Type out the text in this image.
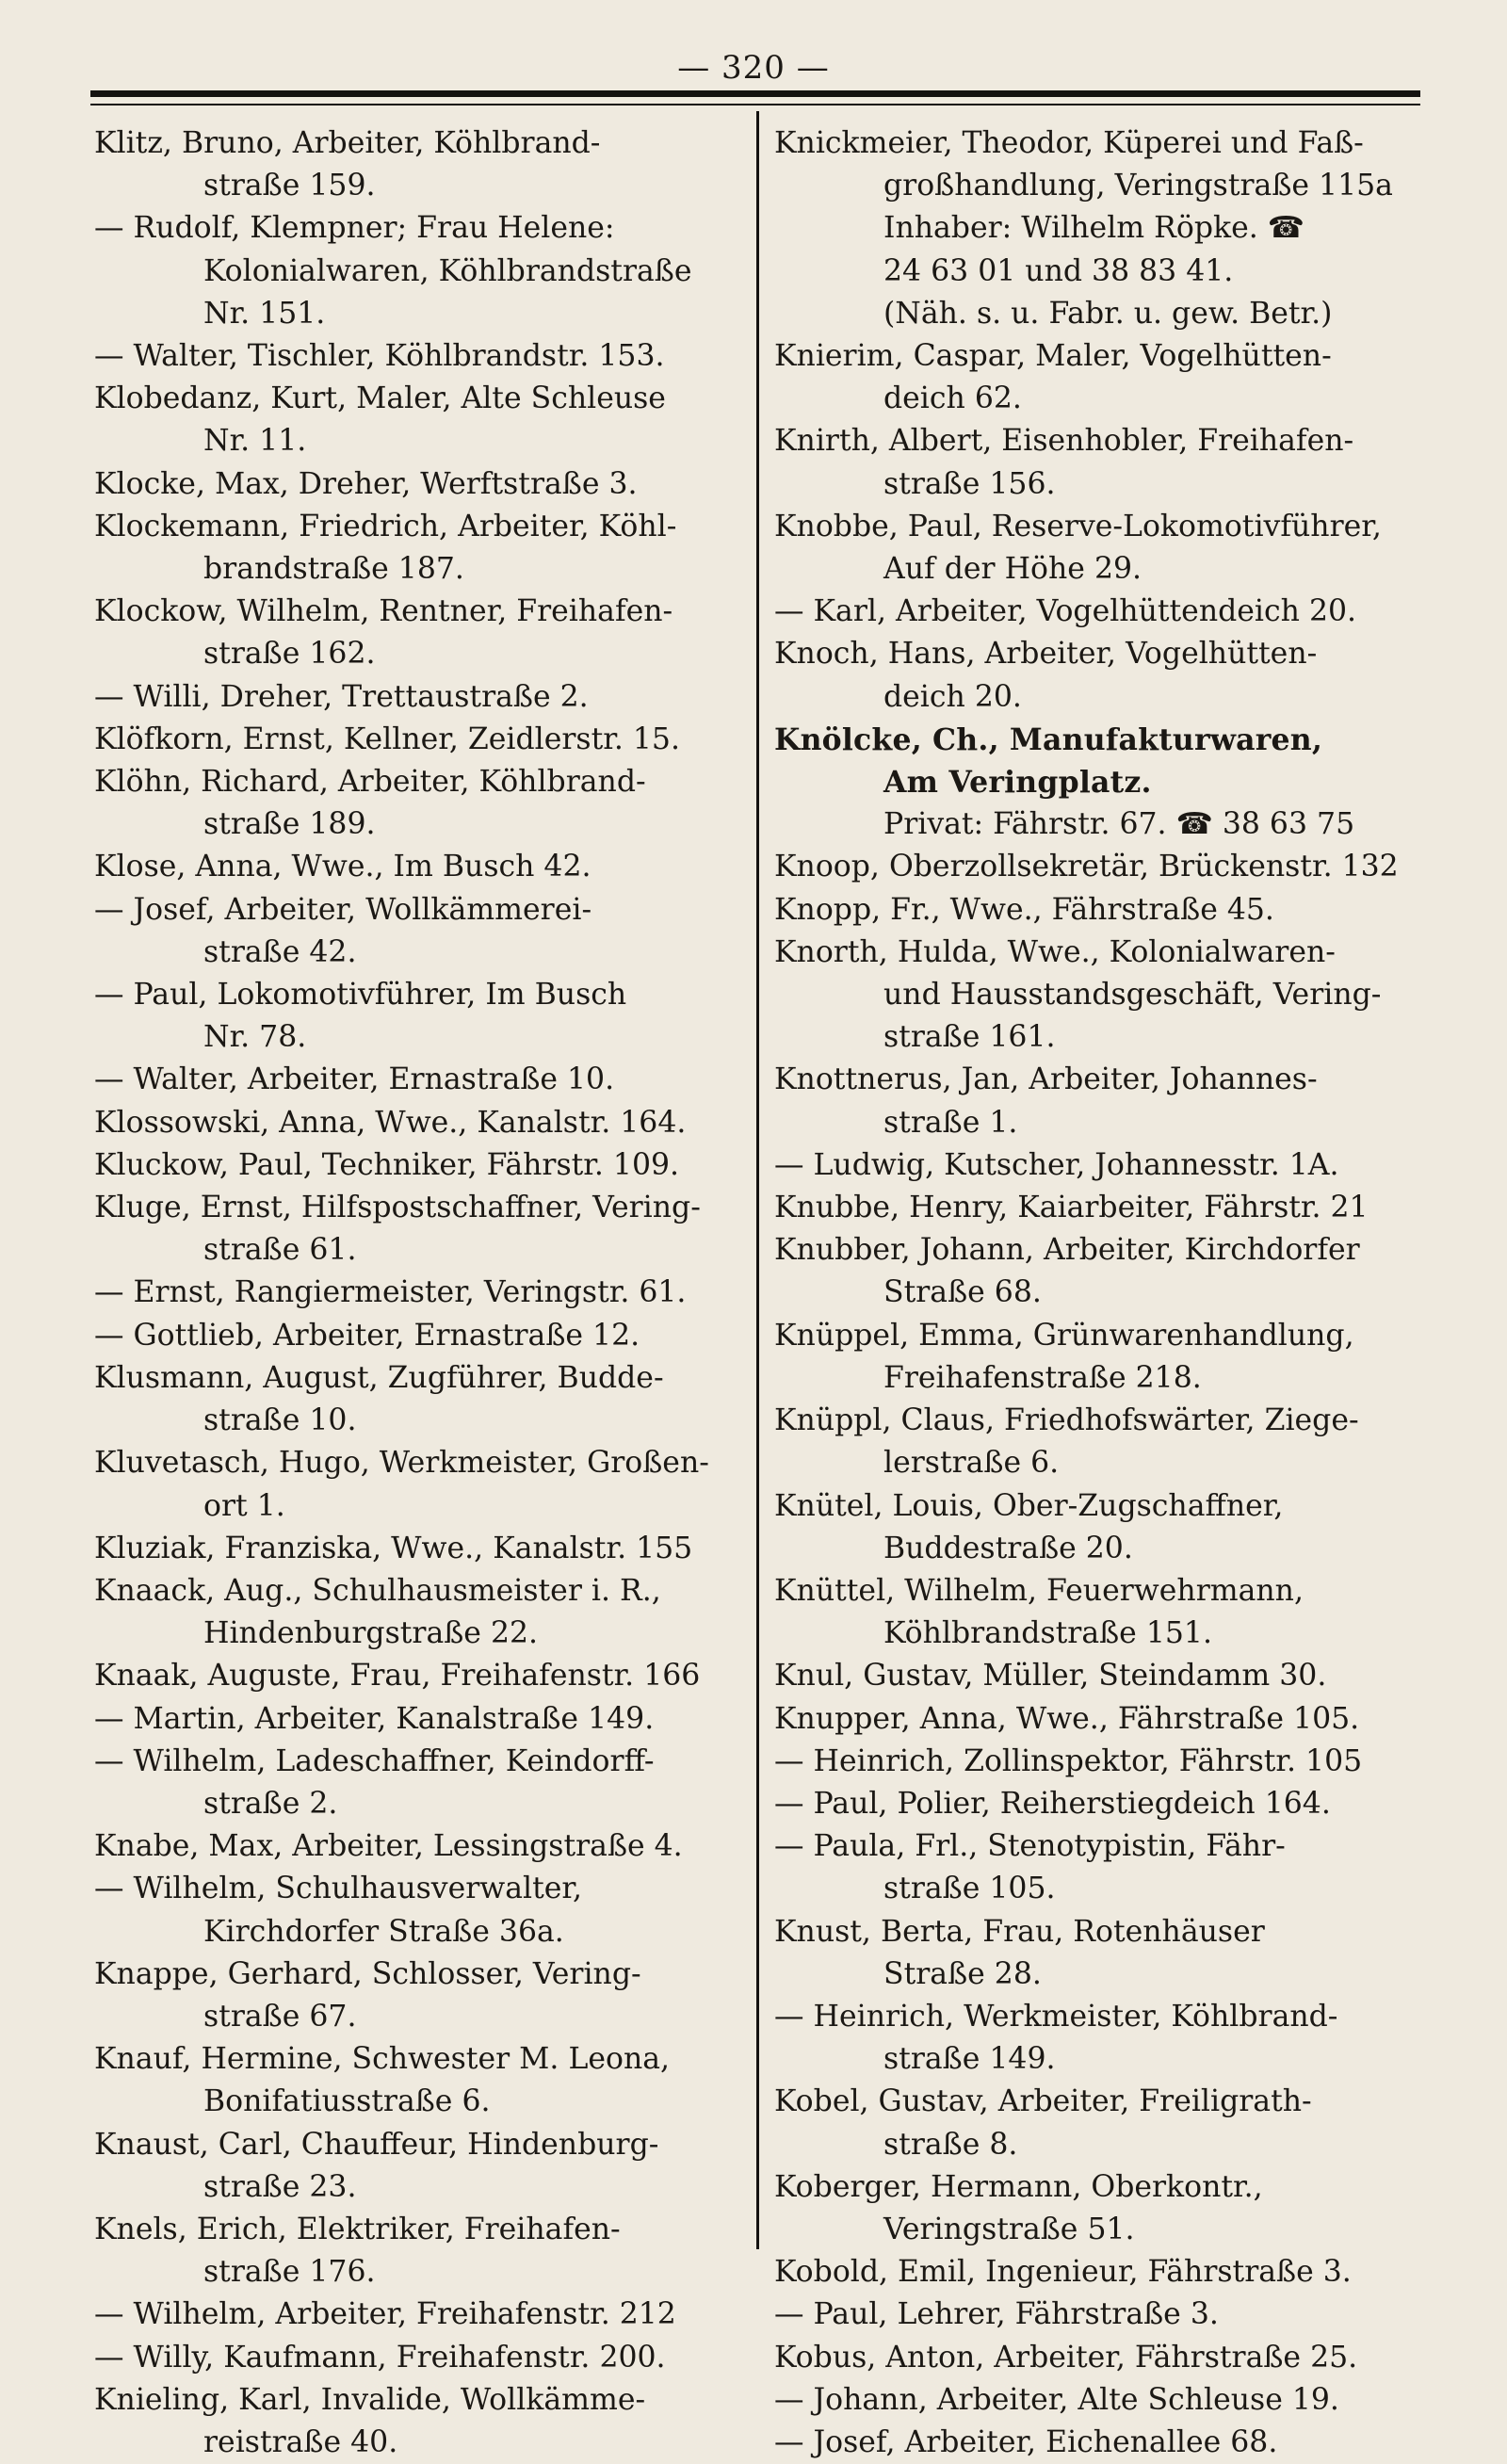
— 320 —

Klitz, Bruno, Arbeiter, Köhlbrand-
straße 159.

— Rudolf, Klempner; Frau Helene:
Kolonialwaren, Köhlbrandstraße
Nr. 151.

— Walter, Tischler, Köhlbrandstr. 153.

Klobedanz, Kurt, Maler, Alte Schleuse
Nr. 11.

Klocke, Max, Dreher, Werftstraße 3.

Klockemann, Friedrich, Arbeiter, Köhl-
brandstraße 187.

Klockow, Wilhelm, Rentner, Freihafen-
straße 162.

— Willi, Dreher, Trettaustraße 2.

Klöfkorn, Ernst, Kellner, Zeidlerstr. 15.

Klöhn, Richard, Arbeiter, Köhlbrand-
straße 189.

Klose, Anna, Wwe., Im Busch 42.

— Josef, Arbeiter, Wollkämmerei-
straße 42.

— Paul, Lokomotivführer, Im Busch
Nr. 78.

— Walter, Arbeiter, Ernastraße 10.

Klossowski, Anna, Wwe., Kanalstr. 164.

Kluckow, Paul, Techniker, Fährstr. 109.

Kluge, Ernst, Hilfspostschaffner, Vering-
straße 61.

— Ernst, Rangiermeister, Veringstr. 61.

— Gottlieb, Arbeiter, Ernastraße 12.

Klusmann, August, Zugführer, Budde-
straße 10.

Kluvetasch, Hugo, Werkmeister, Großen-
ort 1.

Kluziak, Franziska, Wwe., Kanalstr. 155

Knaack, Aug., Schulhausmeister i. R.,
Hindenburgstraße 22.

Knaak, Auguste, Frau, Freihafenstr. 166

— Martin, Arbeiter, Kanalstraße 149.

— Wilhelm, Ladeschaffner, Keindorff-
straße 2.

Knabe, Max, Arbeiter, Lessingstraße 4.

— Wilhelm, Schulhausverwalter,
Kirchdorfer Straße 36a.

Knappe, Gerhard, Schlosser, Vering-
straße 67.

Knauf, Hermine, Schwester M. Leona,
Bonifatiusstraße 6.

Knaust, Carl, Chauffeur, Hindenburg-
straße 23.

Knels, Erich, Elektriker, Freihafen-
straße 176.

— Wilhelm, Arbeiter, Freihafenstr. 212

— Willy, Kaufmann, Freihafenstr. 200.

Knieling, Karl, Invalide, Wollkämme-
reistraße 40.

Knickmeier, Theodor, Küperei und Faß-
großhandlung, Veringstraße 115a
Inhaber: Wilhelm Röpke. ☎
24 63 01 und 38 83 41.
(Näh. s. u. Fabr. u. gew. Betr.)

Knierim, Caspar, Maler, Vogelhütten-
deich 62.

Knirth, Albert, Eisenhobler, Freihafen-
straße 156.

Knobbe, Paul, Reserve-Lokomotivführer,
Auf der Höhe 29.

— Karl, Arbeiter, Vogelhüttendeich 20.

Knoch, Hans, Arbeiter, Vogelhütten-
deich 20.

Knölcke, Ch., Manufakturwaren,
Am Veringplatz.
Privat: Fährstr. 67. ☎ 38 63 75

Knoop, Oberzollsekretär, Brückenstr. 132

Knopp, Fr., Wwe., Fährstraße 45.

Knorth, Hulda, Wwe., Kolonialwaren-
und Hausstandsgeschäft, Vering-
straße 161.

Knottnerus, Jan, Arbeiter, Johannes-
straße 1.

— Ludwig, Kutscher, Johannesstr. 1A.

Knubbe, Henry, Kaiarbeiter, Fährstr. 21

Knubber, Johann, Arbeiter, Kirchdorfer
Straße 68.

Knüppel, Emma, Grünwarenhandlung,
Freihafenstraße 218.

Knüppl, Claus, Friedhofswärter, Ziege-
lerstraße 6.

Knütel, Louis, Ober-Zugschaffner,
Buddestraße 20.

Knüttel, Wilhelm, Feuerwehrmann,
Köhlbrandstraße 151.

Knul, Gustav, Müller, Steindamm 30.

Knupper, Anna, Wwe., Fährstraße 105.

— Heinrich, Zollinspektor, Fährstr. 105

— Paul, Polier, Reiherstiegdeich 164.

— Paula, Frl., Stenotypistin, Fähr-
straße 105.

Knust, Berta, Frau, Rotenhäuser
Straße 28.

— Heinrich, Werkmeister, Köhlbrand-
straße 149.

Kobel, Gustav, Arbeiter, Freiligrath-
straße 8.

Koberger, Hermann, Oberkontr.,
Veringstraße 51.

Kobold, Emil, Ingenieur, Fährstraße 3.

— Paul, Lehrer, Fährstraße 3.

Kobus, Anton, Arbeiter, Fährstraße 25.

— Johann, Arbeiter, Alte Schleuse 19.

— Josef, Arbeiter, Eichenallee 68.
